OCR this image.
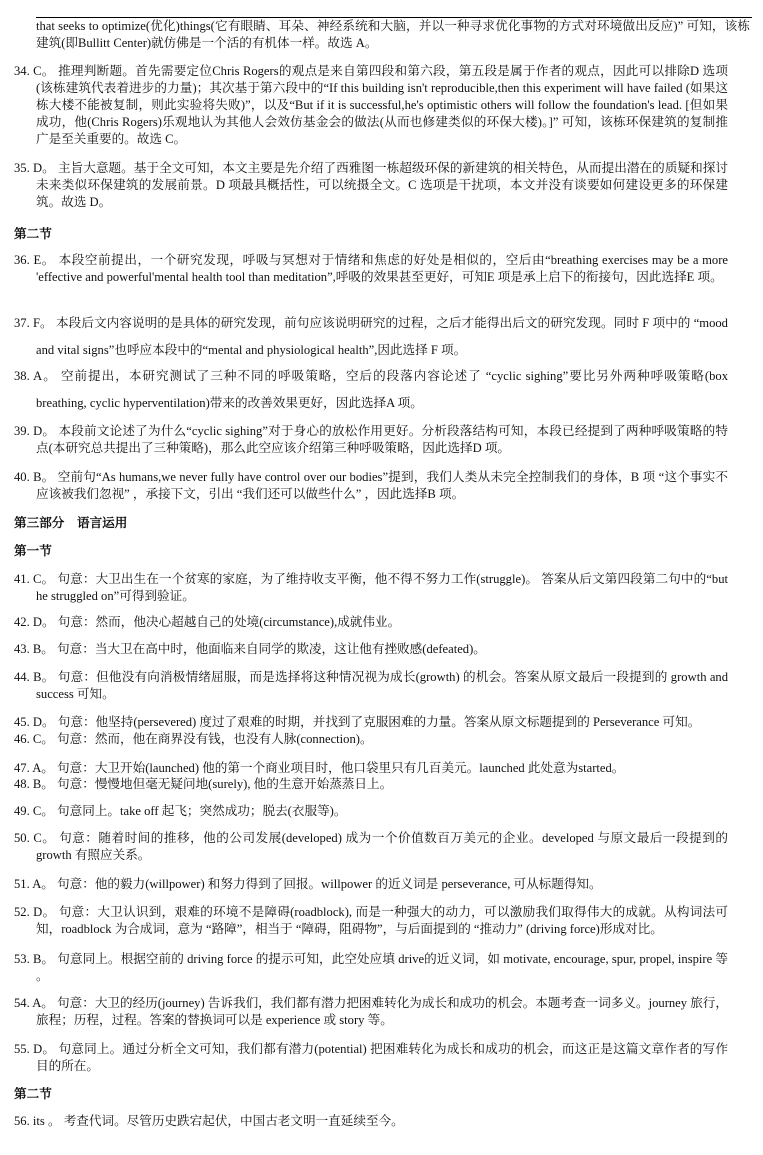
that seeks to optimize(优化)things(它有眼睛、耳朵、神经系统和大脑，并以一种寻求优化事物的方式对环境做出反应)” 可知，该栋建筑(即Bullitt Center)就仿佛是一个活的有机体一样。故选 A。
34. C。 推理判断题。首先需要定位Chris Rogers的观点是来自第四段和第六段，第五段是属于作者的观点，因此可以排除D 选项(该栋建筑代表着进步的力量)；其次基于第六段中的“If this building isn't reproducible,then this experiment will have failed (如果这栋大楼不能被复制，则此实验将失败)”，以及“But if it is successful,he's optimistic others will follow the foundation's lead. [但如果成功，他(Chris Rogers)乐观地认为其他人会效仿基金会的做法(从而也修建类似的环保大楼)。]” 可知，该栋环保建筑的复制推广是至关重要的。故选 C。
35. D。 主旨大意题。基于全文可知，本文主要是先介绍了西雅图一栋超级环保的新建筑的相关特色，从而提出潜在的质疑和探讨未来类似环保建筑的发展前景。D 项最具概括性，可以统摄全文。C 选项是干扰项，本文并没有谈要如何建设更多的环保建筑。故选 D。
第二节
36. E。 本段空前提出，一个研究发现，呼吸与冥想对于情绪和焦虑的好处是相似的，空后由“breathing exercises may be a more 'effective and powerful'mental health tool than meditation”,呼吸的效果甚至更好，可知E 项是承上启下的衔接句，因此选择E 项。
37. F。 本段后文内容说明的是具体的研究发现，前句应该说明研究的过程，之后才能得出后文的研究发现。同时 F 项中的 “mood and vital signs”也呼应本段中的“mental and physiological health”,因此选择 F 项。
38. A。 空前提出，本研究测试了三种不同的呼吸策略，空后的段落内容论述了 “cyclic sighing”要比另外两种呼吸策略(box breathing, cyclic hyperventilation)带来的改善效果更好，因此选择A 项。
39. D。 本段前文论述了为什么“cyclic sighing”对于身心的放松作用更好。分析段落结构可知，本段已经提到了两种呼吸策略的特点(本研究总共提出了三种策略)，那么此空应该介绍第三种呼吸策略，因此选择D 项。
40. B。 空前句“As humans,we never fully have control over our bodies”提到，我们人类从未完全控制我们的身体，B 项 “这个事实不应该被我们忽视” ，承接下文，引出 “我们还可以做些什么” ，因此选择B 项。
第三部分　语言运用
第一节
41. C。 句意：大卫出生在一个贫寒的家庭，为了维持收支平衡，他不得不努力工作(struggle)。 答案从后文第四段第二句中的“but he struggled on”可得到验证。
42. D。 句意：然而，他决心超越自己的处境(circumstance),成就伟业。
43. B。 句意：当大卫在高中时，他面临来自同学的欺凌，这让他有挫败感(defeated)。
44. B。 句意：但他没有向消极情绪屈服，而是选择将这种情况视为成长(growth) 的机会。答案从原文最后一段提到的 growth and success 可知。
45. D。 句意：他坚持(persevered) 度过了艰难的时期，并找到了克服困难的力量。答案从原文标题提到的 Perseverance 可知。
46. C。 句意：然而，他在商界没有钱，也没有人脉(connection)。
47. A。 句意：大卫开始(launched) 他的第一个商业项目时，他口袋里只有几百美元。launched 此处意为started。
48. B。 句意：慢慢地但毫无疑问地(surely), 他的生意开始蒸蒸日上。
49. C。 句意同上。take off 起飞；突然成功；脱去(衣服等)。
50. C。 句意：随着时间的推移，他的公司发展(developed) 成为一个价值数百万美元的企业。developed 与原文最后一段提到的 growth 有照应关系。
51. A。 句意：他的毅力(willpower) 和努力得到了回报。willpower 的近义词是 perseverance, 可从标题得知。
52. D。 句意：大卫认识到，艰难的环境不是障碍(roadblock), 而是一种强大的动力，可以激励我们取得伟大的成就。从构词法可知，roadblock 为合成词，意为 “路障”，相当于 “障碍，阻碍物”，与后面提到的 “推动力” (driving force)形成对比。
53. B。 句意同上。根据空前的 driving force 的提示可知，此空处应填 drive的近义词，如 motivate, encourage, spur, propel, inspire 等 。
54. A。 句意：大卫的经历(journey) 告诉我们，我们都有潜力把困难转化为成长和成功的机会。本题考查一词多义。journey 旅行，旅程；历程，过程。答案的替换词可以是 experience 或 story 等。
55. D。 句意同上。通过分析全文可知，我们都有潜力(potential) 把困难转化为成长和成功的机会，而这正是这篇文章作者的写作目的所在。
第二节
56. its 。 考查代词。尽管历史跌宕起伏，中国古老文明一直延续至今。
